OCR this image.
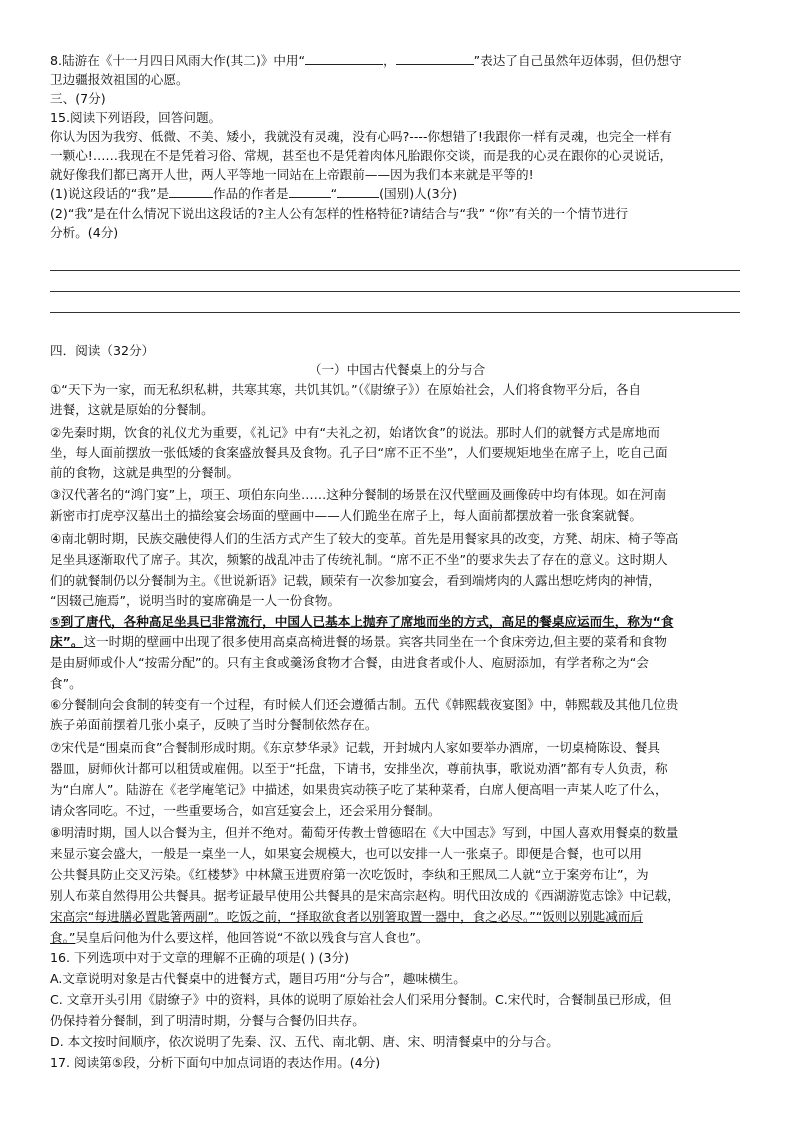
8.陆游在《十一月四日风雨大作(其二)》中用“	，	”表达了自己虽然年迈体弱，但仍想守
卫边疆报效祖国的心愿。
三、(7分)
15.阅读下列语段，回答问题。
你认为因为我穷、低微、不美、矮小，我就没有灵魂，没有心吗?----你想错了!我跟你一样有灵魂，也完全一样有
一颗心!……我现在不是凭着习俗、常规，甚至也不是凭着肉体凡胎跟你交谈，而是我的心灵在跟你的心灵说话，
就好像我们都已离开人世，两人平等地一同站在上帝跟前——因为我们本来就是平等的!
(1)说这段话的“我”是	作品的作者是	“	(国别)人(3分)
(2)“我”是在什么情况下说出这段话的?主人公有怎样的性格特征?请结合与“我” “你”有关的一个情节进行
分析。(4分)
四．阅读（32分）
（一）中国古代餐桌上的分与合
①“天下为一家，而无私织私耕，共寒其寒，共饥其饥。”（《尉缭子》）在原始社会，人们将食物平分后，各自
进餐，这就是原始的分餐制。
②先秦时期，饮食的礼仪尤为重要，《礼记》中有“夫礼之初，始诸饮食”的说法。那时人们的就餐方式是席地而
坐，每人面前摆放一张低矮的食案盛放餐具及食物。孔子曰“席不正不坐”，人们要规矩地坐在席子上，吃自己面
前的食物，这就是典型的分餐制。
③汉代著名的“鸿门宴”上，项王、项伯东向坐……这种分餐制的场景在汉代壁画及画像砖中均有体现。如在河南
新密市打虎亭汉墓出土的描绘宴会场面的壁画中——人们跪坐在席子上，每人面前都摆放着一张食案就餐。
④南北朝时期，民族交融使得人们的生活方式产生了较大的变革。首先是用餐家具的改变，方凳、胡床、椅子等高
足坐具逐渐取代了席子。其次，频繁的战乱冲击了传统礼制。“席不正不坐”的要求失去了存在的意义。这时期人
们的就餐制仍以分餐制为主。《世说新语》记载，顾荣有一次参加宴会，看到端烤肉的人露出想吃烤肉的神情，
“因辍己施焉”，说明当时的宴席确是一人一份食物。
⑤到了唐代，各种高足坐具已非常流行，中国人已基本上抛弃了席地而坐的方式，高足的餐桌应运而生，称为“食
床”。这一时期的壁画中出现了很多使用高桌高椅进餐的场景。宾客共同坐在一个食床旁边,但主要的菜肴和食物
是由厨师或仆人“按需分配”的。只有主食或羹汤食物才合餐，由进食者或仆人、庖厨添加，有学者称之为“会
食”。
⑥分餐制向会食制的转变有一个过程，有时候人们还会遵循古制。五代《韩熙载夜宴图》中，韩熙载及其他几位贵
族子弟面前摆着几张小桌子，反映了当时分餐制依然存在。
⑦宋代是“围桌而食”合餐制形成时期。《东京梦华录》记载，开封城内人家如要举办酒席，一切桌椅陈设、餐具
器皿，厨师伙计都可以租赁或雇佣。以至于“托盘，下请书，安排坐次，尊前执事，歌说劝酒”都有专人负责，称
为“白席人”。陆游在《老学庵笔记》中描述，如果贵宾动筷子吃了某种菜肴，白席人便高唱一声某人吃了什么，
请众客同吃。不过，一些重要场合，如宫廷宴会上，还会采用分餐制。
⑧明清时期，国人以合餐为主，但并不绝对。葡萄牙传教士曾德昭在《大中国志》写到，中国人喜欢用餐桌的数量
来显示宴会盛大，一般是一桌坐一人，如果宴会规模大，也可以安排一人一张桌子。即便是合餐，也可以用
公共餐具防止交叉污染。《红楼梦》中林黛玉进贾府第一次吃饭时，李纨和王熙凤二人就“立于案旁布让”，为
别人布菜自然得用公共餐具。据考证最早使用公共餐具的是宋高宗赵构。明代田汝成的《西湖游览志馀》中记载，
宋高宗“每进膳必置匙箸两副”。吃饭之前，“择取欲食者以别箸取置一器中，食之必尽。”“饭则以别匙减而后
食。”吴皇后问他为什么要这样，他回答说“不欲以残食与宫人食也”。
16. 下列选项中对于文章的理解不正确的项是( ) (3分)
A.文章说明对象是古代餐桌中的进餐方式，题目巧用“分与合”，趣味横生。
C. 文章开头引用《尉缭子》中的资料，具体的说明了原始社会人们采用分餐制。C.宋代时，合餐制虽已形成，但
仍保持着分餐制，到了明清时期，分餐与合餐仍旧共存。
D. 本文按时间顺序，依次说明了先秦、汉、五代、南北朝、唐、宋、明清餐桌中的分与合。
17. 阅读第⑤段，分析下面句中加点词语的表达作用。(4分)
